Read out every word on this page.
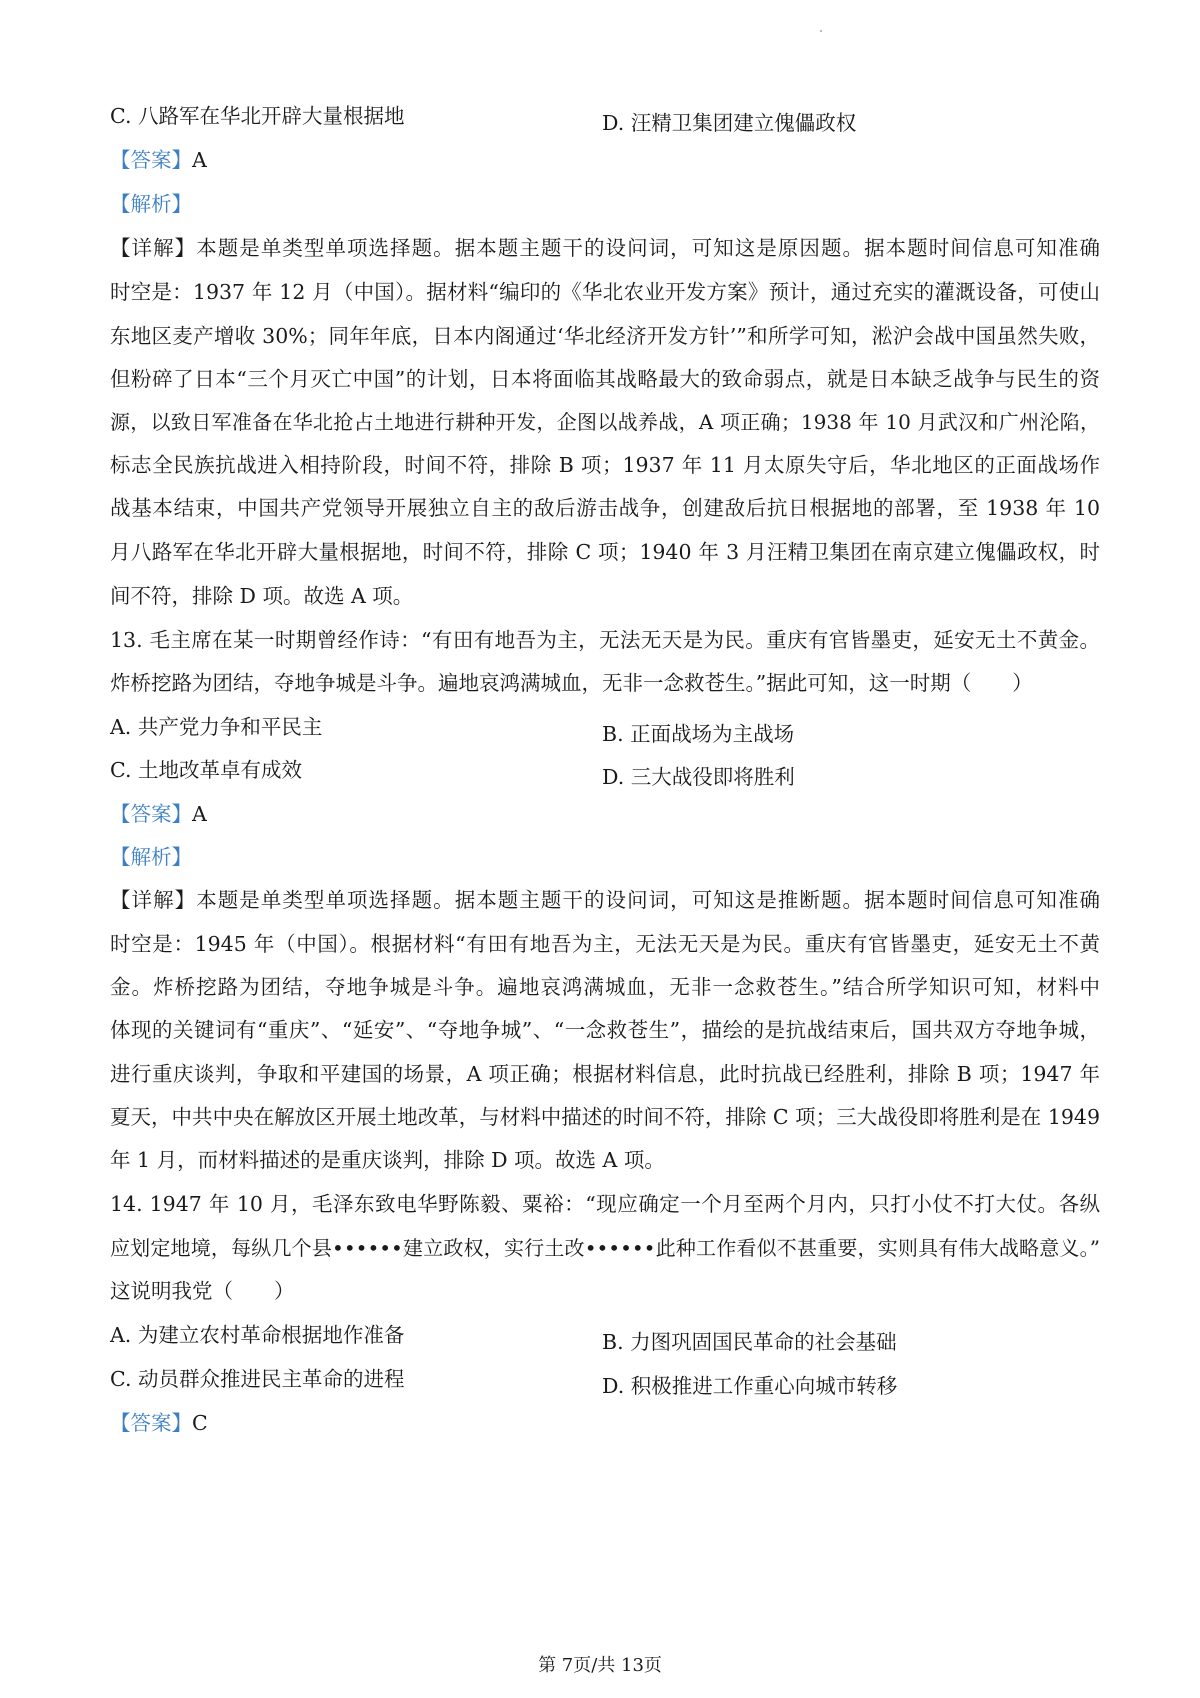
C. 八路军在华北开辟大量根据地	D. 汪精卫集团建立傀儡政权
【答案】A
【解析】
【详解】本题是单类型单项选择题。据本题主题干的设问词，可知这是原因题。据本题时间信息可知准确
时空是：1937 年 12 月（中国）。据材料“编印的《华北农业开发方案》预计，通过充实的灌溉设备，可使山
东地区麦产增收 30%；同年年底，日本内阁通过‘华北经济开发方针’”和所学可知，淞沪会战中国虽然失败，
但粉碎了日本“三个月灭亡中国”的计划，日本将面临其战略最大的致命弱点，就是日本缺乏战争与民生的资
源，以致日军准备在华北抢占土地进行耕种开发，企图以战养战，A 项正确；1938 年 10 月武汉和广州沦陷，
标志全民族抗战进入相持阶段，时间不符，排除 B 项；1937 年 11 月太原失守后，华北地区的正面战场作
战基本结束，中国共产党领导开展独立自主的敌后游击战争，创建敌后抗日根据地的部署，至 1938 年 10
月八路军在华北开辟大量根据地，时间不符，排除 C 项；1940 年 3 月汪精卫集团在南京建立傀儡政权，时
间不符，排除 D 项。故选 A 项。
13. 毛主席在某一时期曾经作诗：“有田有地吾为主，无法无天是为民。重庆有官皆墨吏，延安无土不黄金。
炸桥挖路为团结，夺地争城是斗争。遍地哀鸿满城血，无非一念救苍生。”据此可知，这一时期（　　）
A. 共产党力争和平民主	B. 正面战场为主战场
C. 土地改革卓有成效	D. 三大战役即将胜利
【答案】A
【解析】
【详解】本题是单类型单项选择题。据本题主题干的设问词，可知这是推断题。据本题时间信息可知准确
时空是：1945 年（中国）。根据材料“有田有地吾为主，无法无天是为民。重庆有官皆墨吏，延安无土不黄
金。炸桥挖路为团结，夺地争城是斗争。遍地哀鸿满城血，无非一念救苍生。”结合所学知识可知，材料中
体现的关键词有“重庆”、“延安”、“夺地争城”、“一念救苍生”，描绘的是抗战结束后，国共双方夺地争城，
进行重庆谈判，争取和平建国的场景，A 项正确；根据材料信息，此时抗战已经胜利，排除 B 项；1947 年
夏天，中共中央在解放区开展土地改革，与材料中描述的时间不符，排除 C 项；三大战役即将胜利是在 1949
年 1 月，而材料描述的是重庆谈判，排除 D 项。故选 A 项。
14. 1947 年 10 月，毛泽东致电华野陈毅、粟裕：“现应确定一个月至两个月内，只打小仗不打大仗。各纵
应划定地境，每纵几个县••••••建立政权，实行土改••••••此种工作看似不甚重要，实则具有伟大战略意义。”
这说明我党（　　）
A. 为建立农村革命根据地作准备	B. 力图巩固国民革命的社会基础
C. 动员群众推进民主革命的进程	D. 积极推进工作重心向城市转移
【答案】C
第 7页/共 13页
